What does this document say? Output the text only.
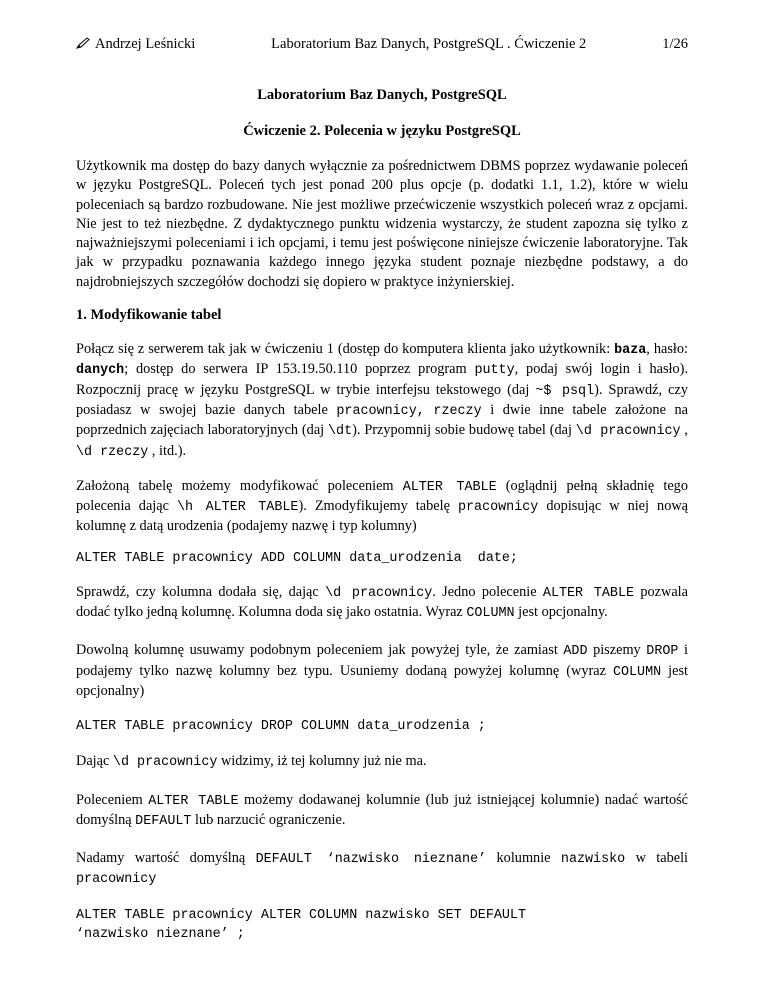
Andrzej Leśnicki	Laboratorium Baz Danych, PostgreSQL . Ćwiczenie 2	1/26
Laboratorium Baz Danych, PostgreSQL
Ćwiczenie 2. Polecenia w języku PostgreSQL

Użytkownik ma dostęp do bazy danych wyłącznie za pośrednictwem DBMS poprzez wydawanie poleceń w języku PostgreSQL. Poleceń tych jest ponad 200 plus opcje (p. dodatki 1.1, 1.2), które w wielu poleceniach są bardzo rozbudowane. Nie jest możliwe przećwiczenie wszystkich poleceń wraz z opcjami. Nie jest to też niezbędne. Z dydaktycznego punktu widzenia wystarczy, że student zapozna się tylko z najważniejszymi poleceniami i ich opcjami, i temu jest poświęcone niniejsze ćwiczenie laboratoryjne. Tak jak w przypadku poznawania każdego innego języka student poznaje niezbędne podstawy, a do najdrobniejszych szczegółów dochodzi się dopiero w praktyce inżynierskiej.

1. Modyfikowanie tabel

Połącz się z serwerem tak jak w ćwiczeniu 1 (dostęp do komputera klienta jako użytkownik: baza, hasło: danych; dostęp do serwera IP 153.19.50.110 poprzez program putty, podaj swój login i hasło). Rozpocznij pracę w języku PostgreSQL w trybie interfejsu tekstowego (daj ~$ psql). Sprawdź, czy posiadasz w swojej bazie danych tabele pracownicy, rzeczy i dwie inne tabele założone na poprzednich zajęciach laboratoryjnych (daj \dt). Przypomnij sobie budowę tabel (daj \d pracownicy , \d rzeczy , itd.).

Założoną tabelę możemy modyfikować poleceniem ALTER TABLE (oglądnij pełną składnię tego polecenia dając \h ALTER TABLE). Zmodyfikujemy tabelę pracownicy dopisując w niej nową kolumnę z datą urodzenia (podajemy nazwę i typ kolumny)

ALTER TABLE pracownicy ADD COLUMN data_urodzenia  date;

Sprawdź, czy kolumna dodała się, dając \d pracownicy. Jedno polecenie ALTER TABLE pozwala dodać tylko jedną kolumnę. Kolumna doda się jako ostatnia. Wyraz COLUMN jest opcjonalny.

Dowolną kolumnę usuwamy podobnym poleceniem jak powyżej tyle, że zamiast ADD piszemy DROP i podajemy tylko nazwę kolumny bez typu. Usuniemy dodaną powyżej kolumnę (wyraz COLUMN jest opcjonalny)

ALTER TABLE pracownicy DROP COLUMN data_urodzenia ;

Dając \d pracownicy widzimy, iż tej kolumny już nie ma.

Poleceniem ALTER TABLE możemy dodawanej kolumnie (lub już istniejącej kolumnie) nadać wartość domyślną DEFAULT lub narzucić ograniczenie.

Nadamy wartość domyślną DEFAULT ‘nazwisko nieznane’ kolumnie nazwisko w tabeli pracownicy

ALTER TABLE pracownicy ALTER COLUMN nazwisko SET DEFAULT
‘nazwisko nieznane’ ;
